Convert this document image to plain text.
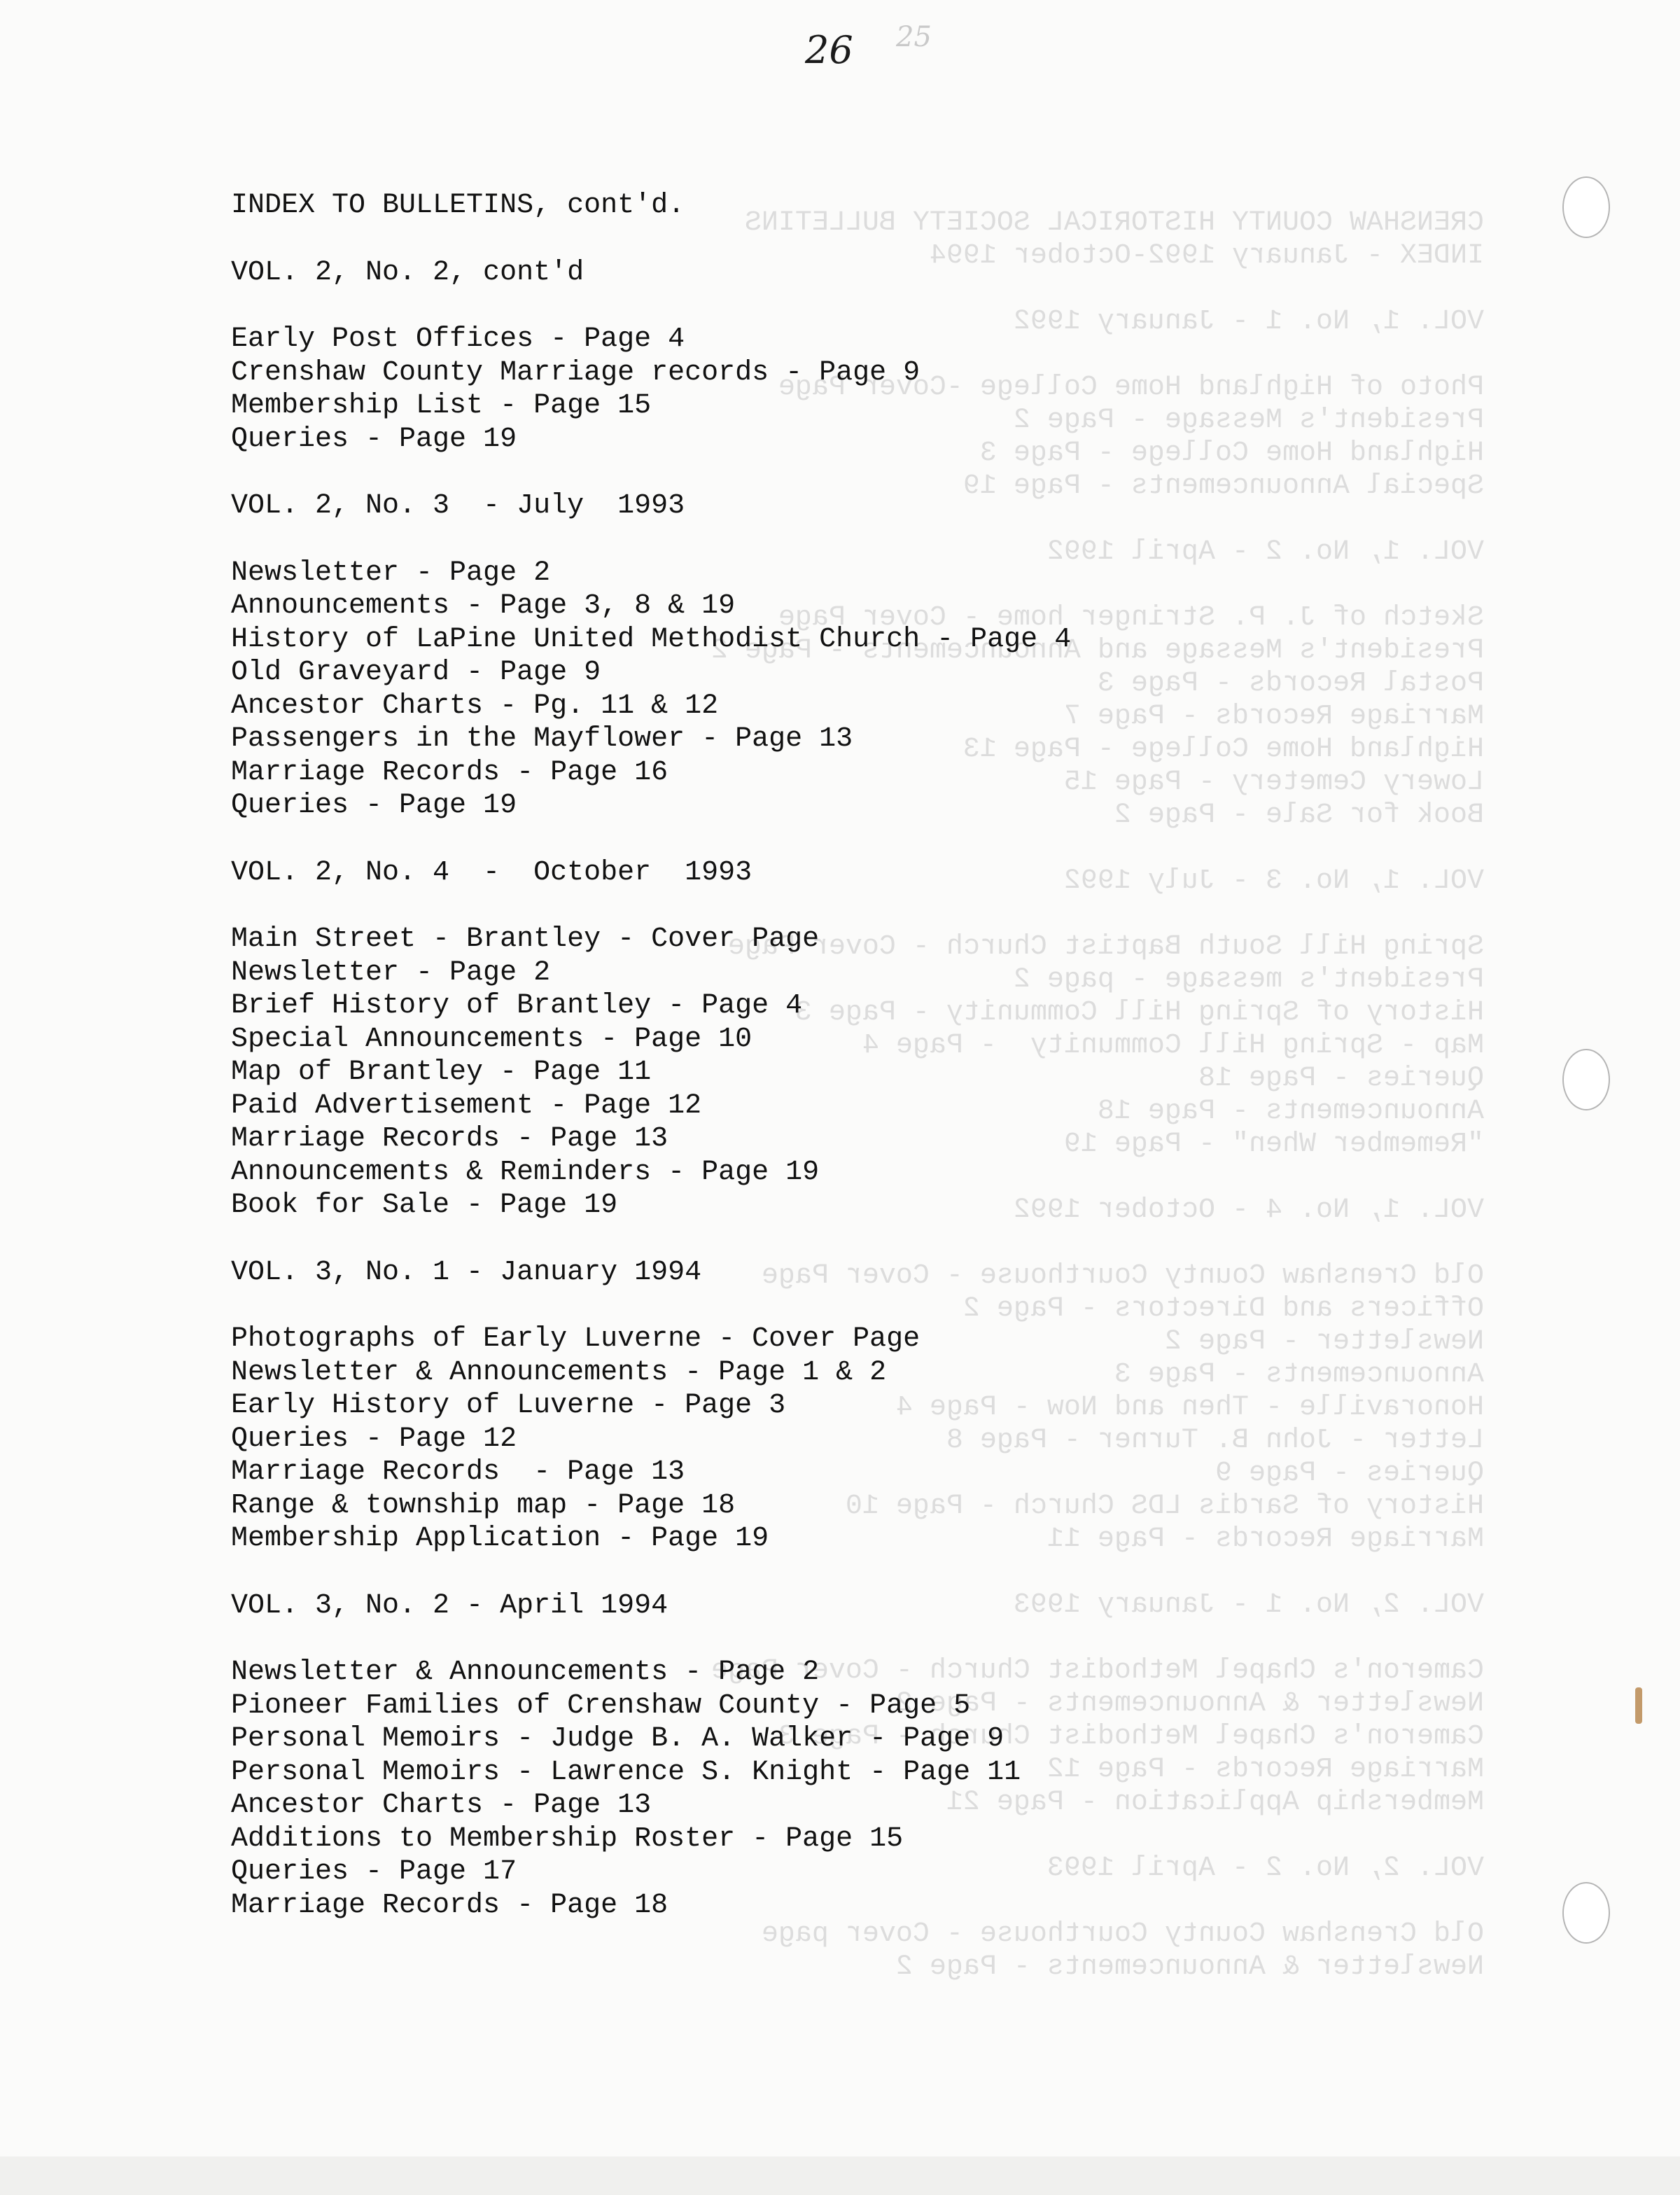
CRENSHAW COUNTY HISTORICAL SOCIETY BULLETINS
INDEX - January 1992-October 1994
VOL. 1, No. 1 - January 1992
Photo of Highland Home College -Cover Page
President's Message - Page 2
Highland Home College - Page 3
Special Announcements - Page 19
VOL. 1, No. 2 - April 1992
Sketch of J. P. Stringer home - Cover Page
President's Message and Announcements - Page 2
Postal Records - Page 3
Marriage Records - Page 7
Highland Home College - Page 13
Lowery Cemetery - Page 15
Book for Sale - Page 2
VOL. 1, No. 3 - July 1992
Spring Hill South Baptist Church - Cover Page
President's message - page 2
History of Spring Hill Community - Page 3
Map - Spring Hill Community  - Page 4
Queries - Page 18
Announcements - Page 18
"Remember When" - Page 19
VOL. 1, No. 4 - October 1992
Old Crenshaw County Courthouse - Cover Page
Officers and Directors - Page 2
Newsletter - Page 2
Announcements - Page 3
Honoraville - Then and Now - Page 4
Letter - John B. Turner - Page 8
Queries - Page 9
History of Sardis LDS Church - Page 10
Marriage Records - Page 11
VOL. 2, No. 1 - January 1993
Cameron's Chapel Methodist Church - Cover Page
Newsletter & Announcements - Page 2
Cameron's Chapel Methodist Church - Page 3
Marriage Records - Page 12
Membership Application - Page 21
VOL. 2, No. 2 - April 1993
Old Crenshaw County Courthouse - Cover page
Newsletter & Announcements - Page 2
26 25
INDEX TO BULLETINS, cont'd.
VOL. 2, No. 2, cont'd
Early Post Offices - Page 4
Crenshaw County Marriage records - Page 9
Membership List - Page 15
Queries - Page 19
VOL. 2, No. 3  - July  1993
Newsletter - Page 2
Announcements - Page 3, 8 & 19
History of LaPine United Methodist Church - Page 4
Old Graveyard - Page 9
Ancestor Charts - Pg. 11 & 12
Passengers in the Mayflower - Page 13
Marriage Records - Page 16
Queries - Page 19
VOL. 2, No. 4  -  October  1993
Main Street - Brantley - Cover Page
Newsletter - Page 2
Brief History of Brantley - Page 4
Special Announcements - Page 10
Map of Brantley - Page 11
Paid Advertisement - Page 12
Marriage Records - Page 13
Announcements & Reminders - Page 19
Book for Sale - Page 19
VOL. 3, No. 1 - January 1994
Photographs of Early Luverne - Cover Page
Newsletter & Announcements - Page 1 & 2
Early History of Luverne - Page 3
Queries - Page 12
Marriage Records  - Page 13
Range & township map - Page 18
Membership Application - Page 19
VOL. 3, No. 2 - April 1994
Newsletter & Announcements - Page 2
Pioneer Families of Crenshaw County - Page 5
Personal Memoirs - Judge B. A. Walker - Page 9
Personal Memoirs - Lawrence S. Knight - Page 11
Ancestor Charts - Page 13
Additions to Membership Roster - Page 15
Queries - Page 17
Marriage Records - Page 18
